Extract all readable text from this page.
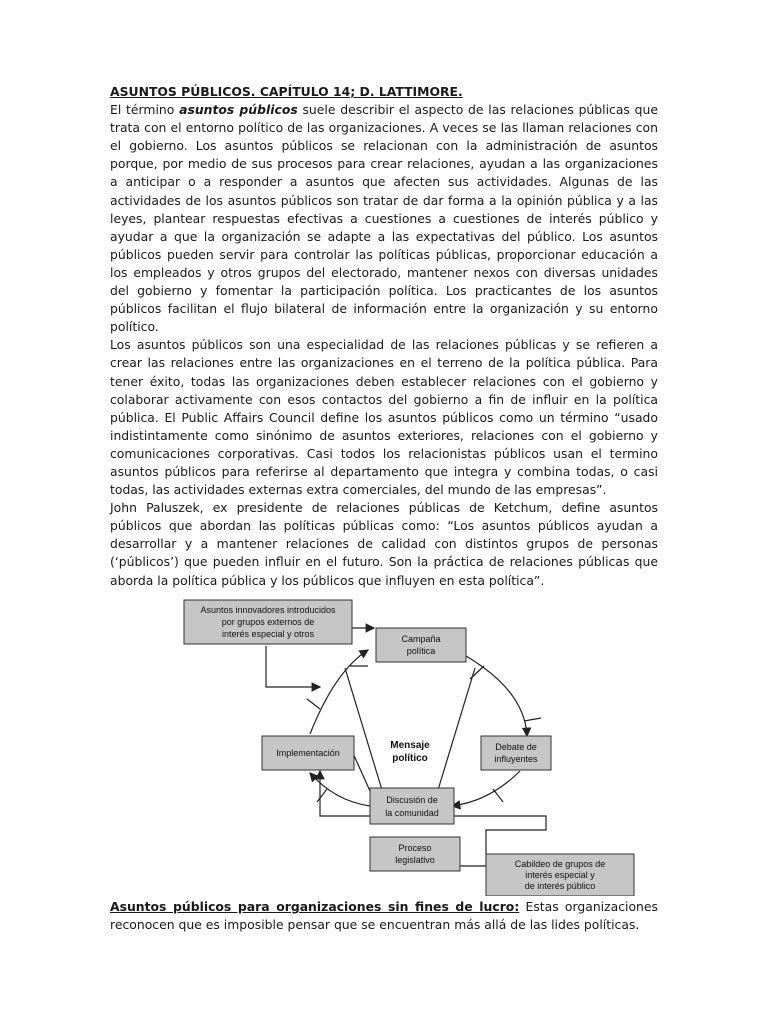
ASUNTOS PÚBLICOS. CAPÍTULO 14; D. LATTIMORE.

El término asuntos públicos suele describir el aspecto de las relaciones públicas que trata con el entorno político de las organizaciones. A veces se las llaman relaciones con el gobierno. Los asuntos públicos se relacionan con la administración de asuntos porque, por medio de sus procesos para crear relaciones, ayudan a las organizaciones a anticipar o a responder a asuntos que afecten sus actividades. Algunas de las actividades de los asuntos públicos son tratar de dar forma a la opinión pública y a las leyes, plantear respuestas efectivas a cuestiones a cuestiones de interés público y ayudar a que la organización se adapte a las expectativas del público. Los asuntos públicos pueden servir para controlar las políticas públicas, proporcionar educación a los empleados y otros grupos del electorado, mantener nexos con diversas unidades del gobierno y fomentar la participación política. Los practicantes de los asuntos públicos facilitan el flujo bilateral de información entre la organización y su entorno político.

Los asuntos públicos son una especialidad de las relaciones públicas y se refieren a crear las relaciones entre las organizaciones en el terreno de la política pública. Para tener éxito, todas las organizaciones deben establecer relaciones con el gobierno y colaborar activamente con esos contactos del gobierno a fin de influir en la política pública. El Public Affairs Council define los asuntos públicos como un término “usado indistintamente como sinónimo de asuntos exteriores, relaciones con el gobierno y comunicaciones corporativas. Casi todos los relacionistas públicos usan el termino asuntos públicos para referirse al departamento que integra y combina todas, o casi todas, las actividades externas extra comerciales, del mundo de las empresas”.

John Paluszek, ex presidente de relaciones públicas de Ketchum, define asuntos públicos que abordan las políticas públicas como: “Los asuntos públicos ayudan a desarrollar y a mantener relaciones de calidad con distintos grupos de personas (‘públicos’) que pueden influir en el futuro. Son la práctica de relaciones públicas que aborda la política pública y los públicos que influyen en esta política”.

Asuntos innovadores introducidos
por grupos externos de
interés especial y otros	Campaña
política
Debate de
influyentes
Implementación
Mensaje
político
Discusión de
la comunidad
Proceso
legislativo	Cabildeo de grupos de
interés especial y
de interés público

Asuntos públicos para organizaciones sin fines de lucro: Estas organizaciones reconocen que es imposible pensar que se encuentran más allá de las lides políticas.
